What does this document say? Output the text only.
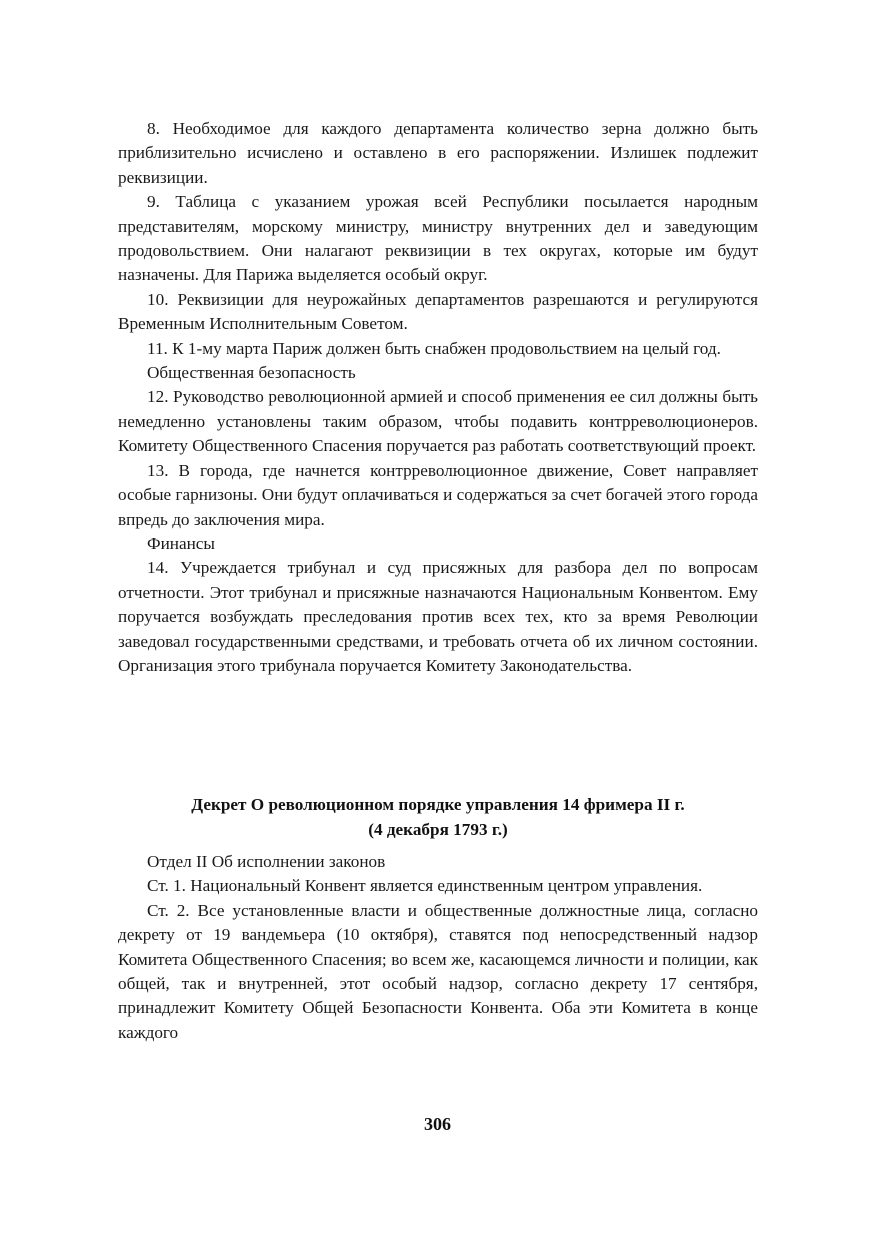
8. Необходимое для каждого департамента количество зерна должно быть приблизительно исчислено и оставлено в его распоряжении. Излишек подлежит реквизиции.

9. Таблица с указанием урожая всей Республики посылается народным представителям, морскому министру, министру внутренних дел и заведующим продовольствием. Они налагают реквизиции в тех округах, которые им будут назначены. Для Парижа выделяется особый округ.

10. Реквизиции для неурожайных департаментов разрешаются и регулируются Временным Исполнительным Советом.

11. К 1-му марта Париж должен быть снабжен продовольствием на целый год.

Общественная безопасность

12. Руководство революционной армией и способ применения ее сил должны быть немедленно установлены таким образом, чтобы подавить контрреволюционеров. Комитету Общественного Спасения поручается раз работать соответствующий проект.

13. В города, где начнется контрреволюционное движение, Совет направляет особые гарнизоны. Они будут оплачиваться и содержаться за счет богачей этого города впредь до заключения мира.

Финансы

14. Учреждается трибунал и суд присяжных для разбора дел по вопросам отчетности. Этот трибунал и присяжные назначаются Национальным Конвентом. Ему поручается возбуждать преследования против всех тех, кто за время Революции заведовал государственными средствами, и требовать отчета об их личном состоянии. Организация этого трибунала поручается Комитету Законодательства.

Декрет О революционном порядке управления 14 фримера II г.
(4 декабря 1793 г.)

Отдел II Об исполнении законов

Ст. 1. Национальный Конвент является единственным центром управления.

Ст. 2. Все установленные власти и общественные должностные лица, согласно декрету от 19 вандемьера (10 октября), ставятся под непосредственный надзор Комитета Общественного Спасения; во всем же, касающемся личности и полиции, как общей, так и внутренней, этот особый надзор, согласно декрету 17 сентября, принадлежит Комитету Общей Безопасности Конвента. Оба эти Комитета в конце каждого

306
